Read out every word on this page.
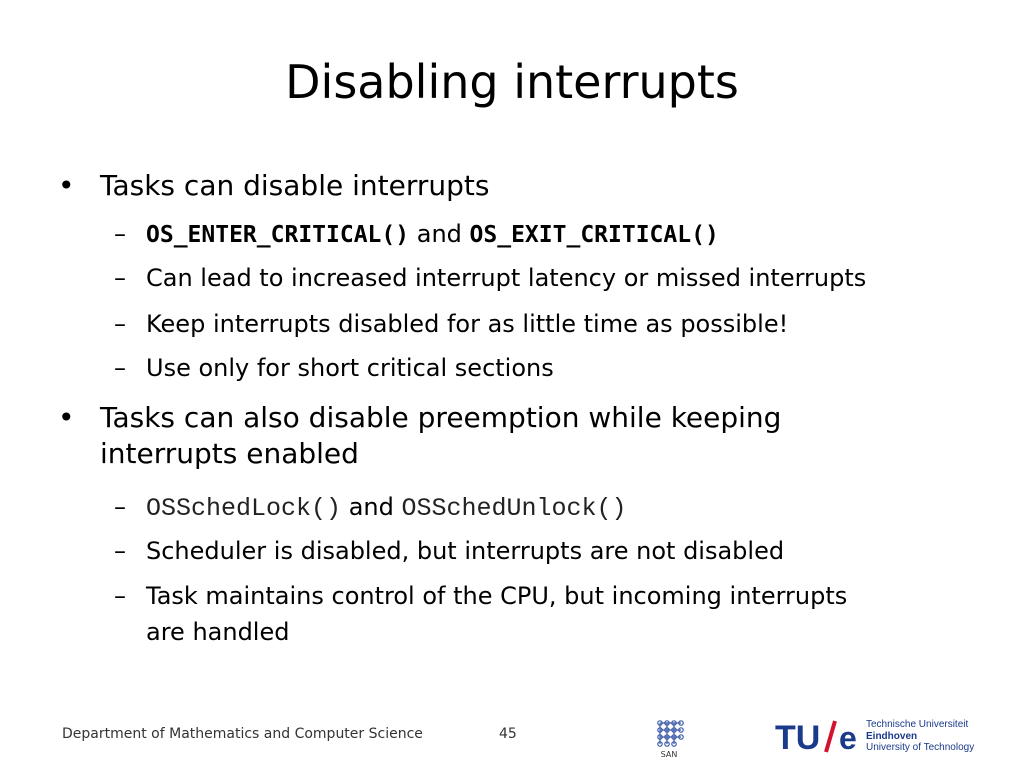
Disabling interrupts
• Tasks can disable interrupts
– OS_ENTER_CRITICAL() and OS_EXIT_CRITICAL()
– Can lead to increased interrupt latency or missed interrupts
– Keep interrupts disabled for as little time as possible!
– Use only for short critical sections
• Tasks can also disable preemption while keeping
interrupts enabled
– OSSchedLock() and OSSchedUnlock()
– Scheduler is disabled, but interrupts are not disabled
– Task maintains control of the CPU, but incoming interrupts
are handled
Department of Mathematics and Computer Science	45
SAN	TU e Technische Universiteit
Eindhoven
University of Technology
